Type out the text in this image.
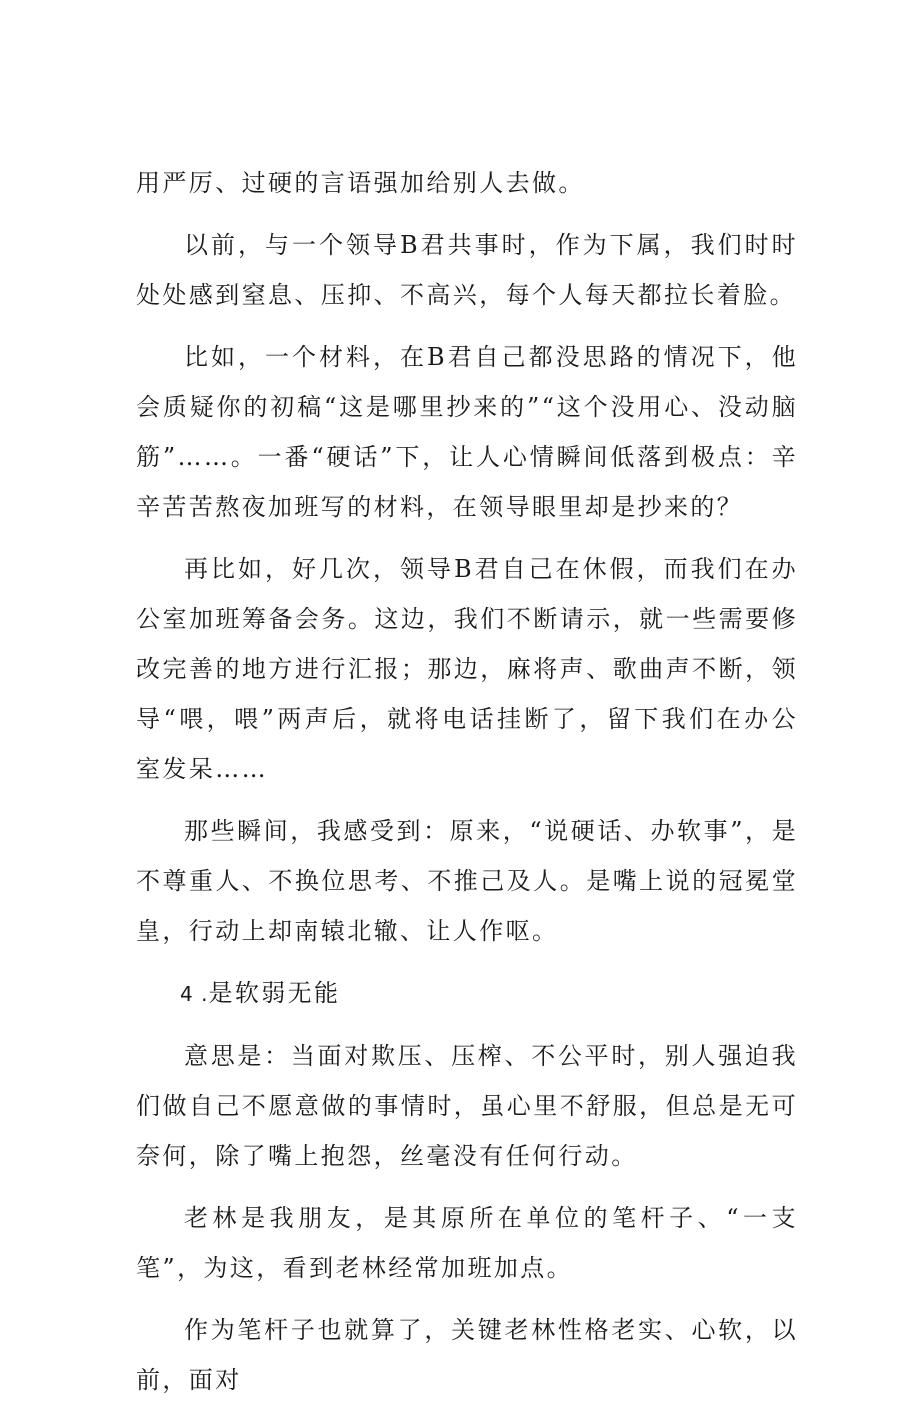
用严厉、过硬的言语强加给别人去做。

以前，与一个领导B君共事时，作为下属，我们时时处处感到窒息、压抑、不高兴，每个人每天都拉长着脸。

比如，一个材料，在B君自己都没思路的情况下，他会质疑你的初稿“这是哪里抄来的”“这个没用心、没动脑筋”……。一番“硬话”下，让人心情瞬间低落到极点：辛辛苦苦熬夜加班写的材料，在领导眼里却是抄来的？

再比如，好几次，领导B君自己在休假，而我们在办公室加班筹备会务。这边，我们不断请示，就一些需要修改完善的地方进行汇报；那边，麻将声、歌曲声不断，领导“喂，喂”两声后，就将电话挂断了，留下我们在办公室发呆……

那些瞬间，我感受到：原来，“说硬话、办软事”，是不尊重人、不换位思考、不推己及人。是嘴上说的冠冕堂皇，行动上却南辕北辙、让人作呕。

4 .是软弱无能

意思是：当面对欺压、压榨、不公平时，别人强迫我们做自己不愿意做的事情时，虽心里不舒服，但总是无可奈何，除了嘴上抱怨，丝毫没有任何行动。

老林是我朋友，是其原所在单位的笔杆子、“一支笔”，为这，看到老林经常加班加点。

作为笔杆子也就算了，关键老林性格老实、心软，以前，面对
